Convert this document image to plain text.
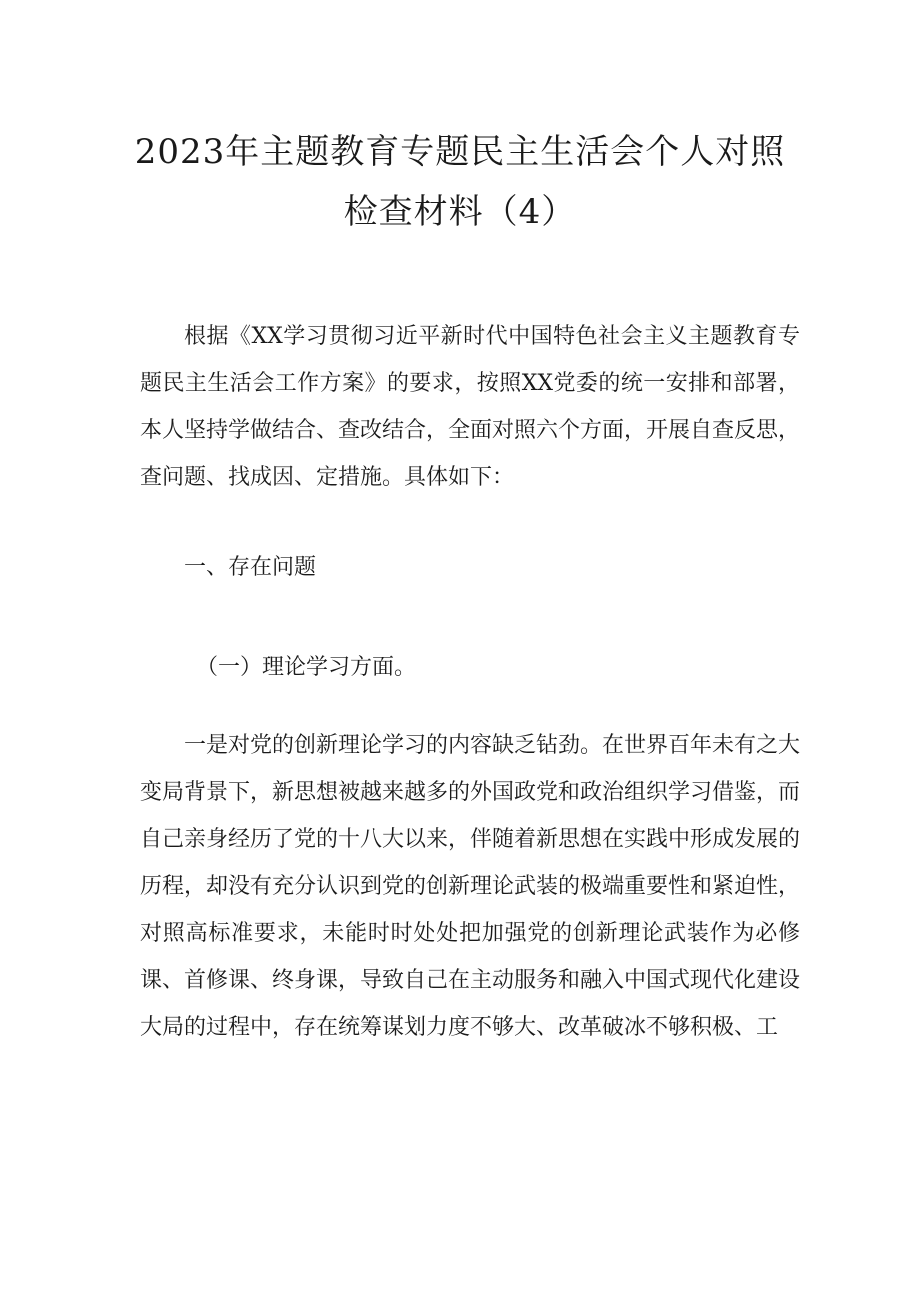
2023年主题教育专题民主生活会个人对照
检查材料（4）

根据《XX学习贯彻习近平新时代中国特色社会主义主题教育专题民主生活会工作方案》的要求，按照XX党委的统一安排和部署，本人坚持学做结合、查改结合，全面对照六个方面，开展自查反思，查问题、找成因、定措施。具体如下：

一、存在问题
（一）理论学习方面。

一是对党的创新理论学习的内容缺乏钻劲。在世界百年未有之大变局背景下，新思想被越来越多的外国政党和政治组织学习借鉴，而自己亲身经历了党的十八大以来，伴随着新思想在实践中形成发展的历程，却没有充分认识到党的创新理论武装的极端重要性和紧迫性，对照高标准要求，未能时时处处把加强党的创新理论武装作为必修课、首修课、终身课，导致自己在主动服务和融入中国式现代化建设大局的过程中，存在统筹谋划力度不够大、改革破冰不够积极、工
